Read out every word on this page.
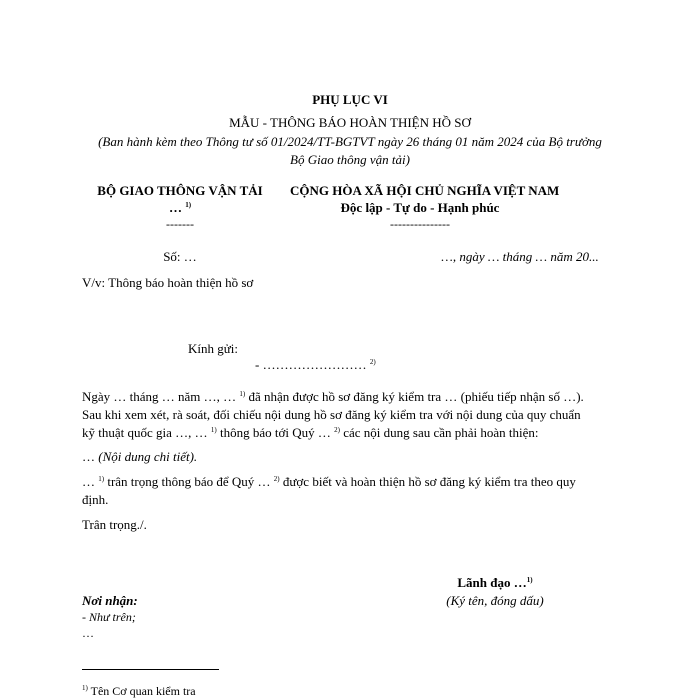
PHỤ LỤC VI
MẪU - THÔNG BÁO HOÀN THIỆN HỒ SƠ
(Ban hành kèm theo Thông tư số 01/2024/TT-BGTVT ngày 26 tháng 01 năm 2024 của Bộ trưởng
Bộ Giao thông vận tải)
BỘ GIAO THÔNG VẬN TẢI
… $^{1)}$
-------
Số: …
V/v: Thông báo hoàn thiện hồ sơ
CỘNG HÒA XÃ HỘI CHỦ NGHĨA VIỆT NAM
Độc lập - Tự do - Hạnh phúc
---------------
…, ngày … tháng … năm 20...
Kính gửi:
- …………………… $^{2)}$
Ngày … tháng … năm …, … $^{1)}$ đã nhận được hồ sơ đăng ký kiểm tra … (phiếu tiếp nhận số …).
Sau khi xem xét, rà soát, đối chiếu nội dung hồ sơ đăng ký kiểm tra với nội dung của quy chuẩn
kỹ thuật quốc gia …, … $^{1)}$ thông báo tới Quý … $^{2)}$ các nội dung sau cần phải hoàn thiện:
… (Nội dung chi tiết).
… $^{1)}$ trân trọng thông báo để Quý … $^{2)}$ được biết và hoàn thiện hồ sơ đăng ký kiểm tra theo quy
định.
Trân trọng./.
Lãnh đạo …$^{1)}$
(Ký tên, đóng dấu)
Nơi nhận:
- Như trên;
…
$^{1)}$ Tên Cơ quan kiểm tra
